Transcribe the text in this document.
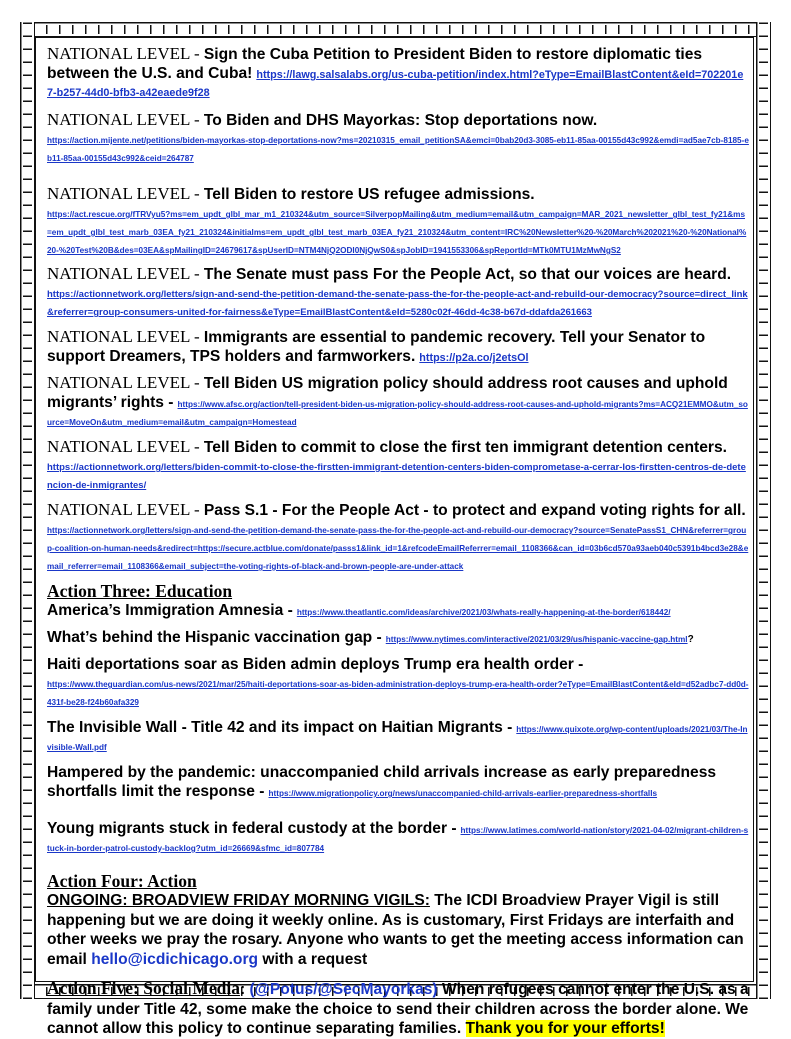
NATIONAL LEVEL - Sign the Cuba Petition to President Biden to restore diplomatic ties between the U.S. and Cuba! https://lawg.salsalabs.org/us-cuba-petition/index.html?eType=EmailBlastContent&eId=702201e7-b257-44d0-bfb3-a42eaede9f28
NATIONAL LEVEL - To Biden and DHS Mayorkas: Stop deportations now.
https://action.mijente.net/petitions/biden-mayorkas-stop-deportations-now?ms=20210315_email_petitionSA&emci=0bab20d3-3085-eb11-85aa-00155d43c992&emdi=ad5ae7cb-8185-eb11-85aa-00155d43c992&ceid=264787
NATIONAL LEVEL - Tell Biden to restore US refugee admissions.
https://act.rescue.org/fTRVyu5?ms=em_updt_glbl_mar_m1_210324&utm_source=SilverpopMailing&utm_medium=email&utm_campaign=MAR_2021_newsletter_glbl_test_fy21&ms=em_updt_glbl_test_marb_03EA_fy21_210324&initialms=em_updt_glbl_test_marb_03EA_fy21_210324&utm_content=IRC%20Newsletter%20-%20March%202021%20-%20National%20-%20Test%20B&des=03EA&spMailingID=24679617&spUserID=NTM4NjQ2ODI0NjQwS0&spJobID=1941553306&spReportId=MTk0MTU1MzMwNgS2
NATIONAL LEVEL - The Senate must pass For the People Act, so that our voices are heard.
https://actionnetwork.org/letters/sign-and-send-the-petition-demand-the-senate-pass-the-for-the-people-act-and-rebuild-our-democracy?source=direct_link&referrer=group-consumers-united-for-fairness&eType=EmailBlastContent&eId=5280c02f-46dd-4c38-b67d-ddafda261663
NATIONAL LEVEL - Immigrants are essential to pandemic recovery. Tell your Senator to support Dreamers, TPS holders and farmworkers. https://p2a.co/j2etsOl
NATIONAL LEVEL - Tell Biden US migration policy should address root causes and uphold migrants’ rights - https://www.afsc.org/action/tell-president-biden-us-migration-policy-should-address-root-causes-and-uphold-migrants?ms=ACQ21EMMO&utm_source=MoveOn&utm_medium=email&utm_campaign=Homestead
NATIONAL LEVEL - Tell Biden to commit to close the first ten immigrant detention centers.
https://actionnetwork.org/letters/biden-commit-to-close-the-firstten-immigrant-detention-centers-biden-comprometase-a-cerrar-los-firstten-centros-de-detencion-de-inmigrantes/
NATIONAL LEVEL - Pass S.1 - For the People Act - to protect and expand voting rights for all.
https://actionnetwork.org/letters/sign-and-send-the-petition-demand-the-senate-pass-the-for-the-people-act-and-rebuild-our-democracy?source=SenatePassS1_CHN&referrer=group-coalition-on-human-needs&redirect=https://secure.actblue.com/donate/passs1&link_id=1&refcodeEmailReferrer=email_1108366&can_id=03b6cd570a93aeb040c5391b4bcd3e28&email_referrer=email_1108366&email_subject=the-voting-rights-of-black-and-brown-people-are-under-attack
Action Three: Education
America’s Immigration Amnesia - https://www.theatlantic.com/ideas/archive/2021/03/whats-really-happening-at-the-border/618442/
What’s behind the Hispanic vaccination gap - https://www.nytimes.com/interactive/2021/03/29/us/hispanic-vaccine-gap.html?
Haiti deportations soar as Biden admin deploys Trump era health order -
https://www.theguardian.com/us-news/2021/mar/25/haiti-deportations-soar-as-biden-administration-deploys-trump-era-health-order?eType=EmailBlastContent&eId=d52adbc7-dd0d-431f-be28-f24b60afa329
The Invisible Wall - Title 42 and its impact on Haitian Migrants - https://www.quixote.org/wp-content/uploads/2021/03/The-Invisible-Wall.pdf
Hampered by the pandemic: unaccompanied child arrivals increase as early preparedness shortfalls limit the response - https://www.migrationpolicy.org/news/unaccompanied-child-arrivals-earlier-preparedness-shortfalls
Young migrants stuck in federal custody at the border - https://www.latimes.com/world-nation/story/2021-04-02/migrant-children-stuck-in-border-patrol-custody-backlog?utm_id=26669&sfmc_id=807784
Action Four: Action
ONGOING: BROADVIEW FRIDAY MORNING VIGILS: The ICDI Broadview Prayer Vigil is still happening but we are doing it weekly online. As is customary, First Fridays are interfaith and other weeks we pray the rosary. Anyone who wants to get the meeting access information can email hello@icdichicago.org with a request
Action Five: Social Media: (@Potus/@SecMayorkas) When refugees cannot enter the U.S. as a family under Title 42, some make the choice to send their children across the border alone. We cannot allow this policy to continue separating families. Thank you for your efforts!
